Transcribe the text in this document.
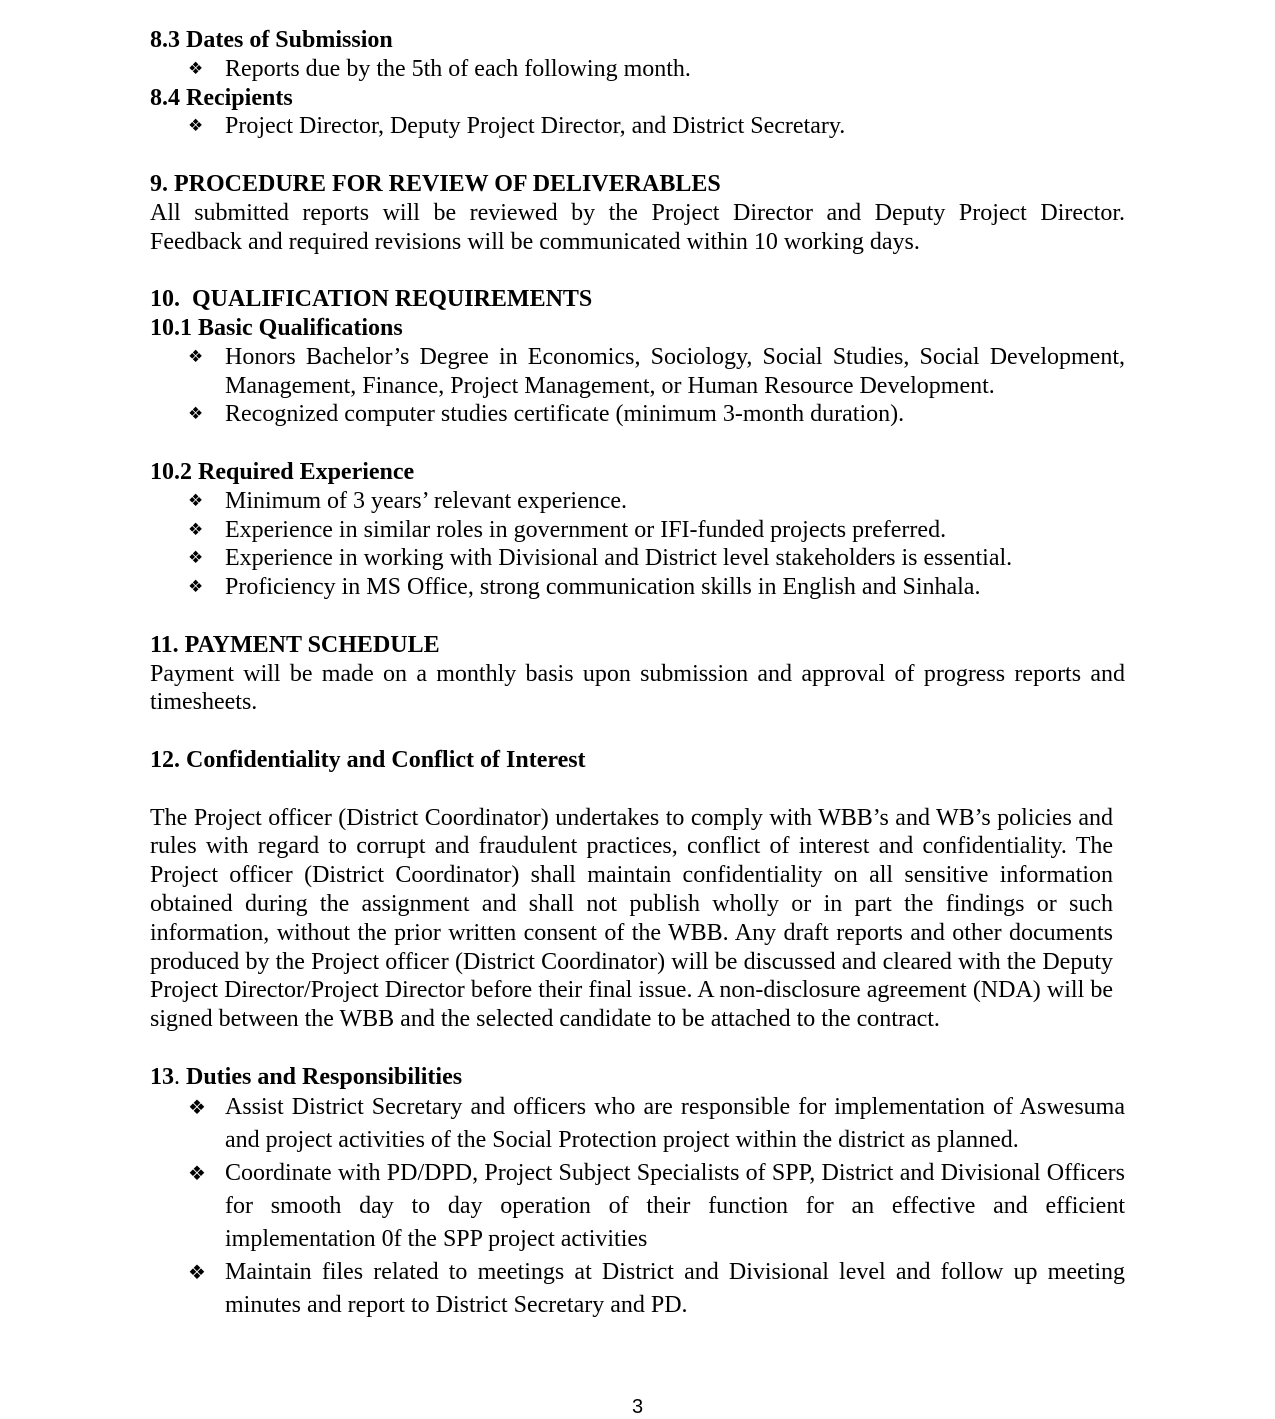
8.3 Dates of Submission

❖ Reports due by the 5th of each following month.

8.4 Recipients

❖ Project Director, Deputy Project Director, and District Secretary.

9. PROCEDURE FOR REVIEW OF DELIVERABLES

All submitted reports will be reviewed by the Project Director and Deputy Project Director. Feedback and required revisions will be communicated within 10 working days.

10.  QUALIFICATION REQUIREMENTS

10.1 Basic Qualifications

❖ Honors Bachelor’s Degree in Economics, Sociology, Social Studies, Social Development, Management, Finance, Project Management, or Human Resource Development.
❖ Recognized computer studies certificate (minimum 3-month duration).

10.2 Required Experience

❖ Minimum of 3 years’ relevant experience.
❖ Experience in similar roles in government or IFI-funded projects preferred.
❖ Experience in working with Divisional and District level stakeholders is essential.
❖ Proficiency in MS Office, strong communication skills in English and Sinhala.

11. PAYMENT SCHEDULE

Payment will be made on a monthly basis upon submission and approval of progress reports and timesheets.

12. Confidentiality and Conflict of Interest

The Project officer (District Coordinator) undertakes to comply with WBB’s and WB’s policies and rules with regard to corrupt and fraudulent practices, conflict of interest and confidentiality. The Project officer (District Coordinator) shall maintain confidentiality on all sensitive information obtained during the assignment and shall not publish wholly or in part the findings or such information, without the prior written consent of the WBB. Any draft reports and other documents produced by the Project officer (District Coordinator) will be discussed and cleared with the Deputy Project Director/Project Director before their final issue. A non-disclosure agreement (NDA) will be signed between the WBB and the selected candidate to be attached to the contract.

13. Duties and Responsibilities

❖ Assist District Secretary and officers who are responsible for implementation of Aswesuma and project activities of the Social Protection project within the district as planned.
❖ Coordinate with PD/DPD, Project Subject Specialists of SPP, District and Divisional Officers for smooth day to day operation of their function for an effective and efficient implementation 0f the SPP project activities
❖ Maintain files related to meetings at District and Divisional level and follow up meeting minutes and report to District Secretary and PD.
3
